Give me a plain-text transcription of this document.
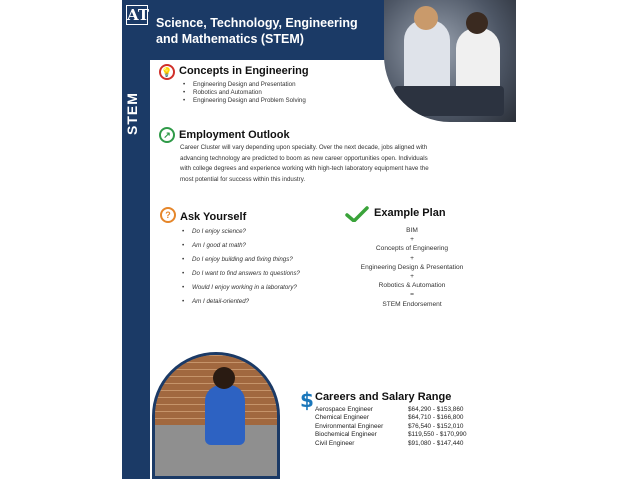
AT Science, Technology, Engineering
and Mathematics (STEM)
STEM
💡 Concepts in Engineering
• Engineering Design and Presentation
• Robotics and Automation
• Engineering Design and Problem Solving
↗ Employment Outlook
Career Cluster will vary depending upon specialty. Over the next decade, jobs aligned with
advancing technology are predicted to boom as new career opportunities open. Individuals
with college degrees and experience working with high-tech laboratory equipment have the
most potential for success within this industry.
? Ask Yourself
• Do I enjoy science?
• Am I good at math?
• Do I enjoy building and fixing things?
• Do I want to find answers to questions?
• Would I enjoy working in a laboratory?
• Am I detail-oriented?
Example Plan
BIM
+
Concepts of Engineering
+
Engineering Design & Presentation
+
Robotics & Automation
=
STEM Endorsement
$ Careers and Salary Range
Aerospace Engineer	$64,290 - $153,860
Chemical Engineer	$64,710 - $166,800
Environmental Engineer	$76,540 - $152,010
Biochemical Engineer	$119,550 - $170,990
Civil Engineer	$91,080 - $147,440
